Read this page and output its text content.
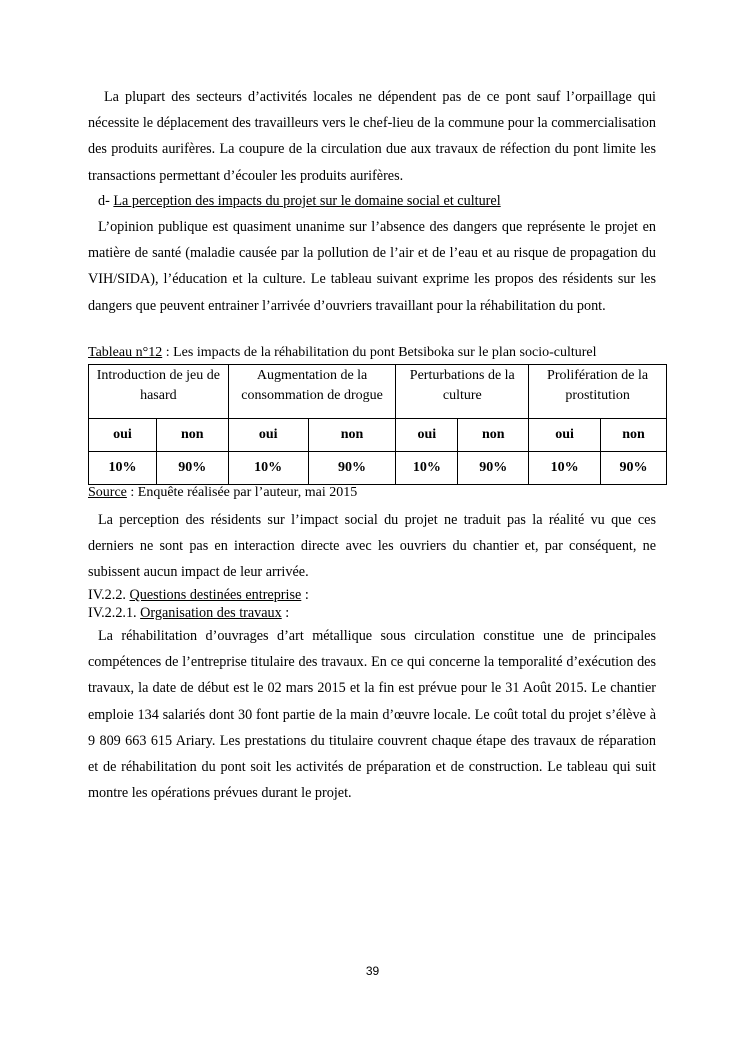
La plupart des secteurs d’activités locales ne dépendent pas de ce pont sauf l’orpaillage qui nécessite le déplacement des travailleurs vers le chef-lieu de la commune pour la commercialisation des produits aurifères. La coupure de la circulation due aux travaux de réfection du pont limite les transactions permettant d’écouler les produits aurifères.

d- La perception des impacts du projet sur le domaine social et culturel

L’opinion publique est quasiment unanime sur l’absence des dangers que représente le projet en matière de santé (maladie causée par la pollution de l’air et de l’eau et au risque de propagation du VIH/SIDA), l’éducation et la culture. Le tableau suivant exprime les propos des résidents sur les dangers que peuvent entrainer l’arrivée d’ouvriers travaillant pour la réhabilitation du pont.

Tableau n°12 : Les impacts de la réhabilitation du pont Betsiboka sur le plan socio-culturel
Introduction de jeu de hasard		Augmentation de la consommation de drogue		Perturbations de la culture		Prolifération de la prostitution	
oui	non	oui	non	oui	non	oui	non
10%	90%	10%	90%	10%	90%	10%	90%
Source : Enquête réalisée par l’auteur, mai 2015

La perception des résidents sur l’impact social du projet ne traduit pas la réalité vu que ces derniers ne sont pas en interaction directe avec les ouvriers du chantier et, par conséquent, ne subissent aucun impact de leur arrivée.

IV.2.2. Questions destinées entreprise :
IV.2.2.1. Organisation des travaux :

La réhabilitation d’ouvrages d’art métallique sous circulation constitue une de principales compétences de l’entreprise titulaire des travaux. En ce qui concerne la temporalité d’exécution des travaux, la date de début est le 02 mars 2015 et la fin est prévue pour le 31 Août 2015. Le chantier emploie 134 salariés dont 30 font partie de la main d’œuvre locale. Le coût total du projet s’élève à 9 809 663 615 Ariary. Les prestations du titulaire couvrent chaque étape des travaux de réparation et de réhabilitation du pont soit les activités de préparation et de construction. Le tableau qui suit montre les opérations prévues durant le projet.

39
